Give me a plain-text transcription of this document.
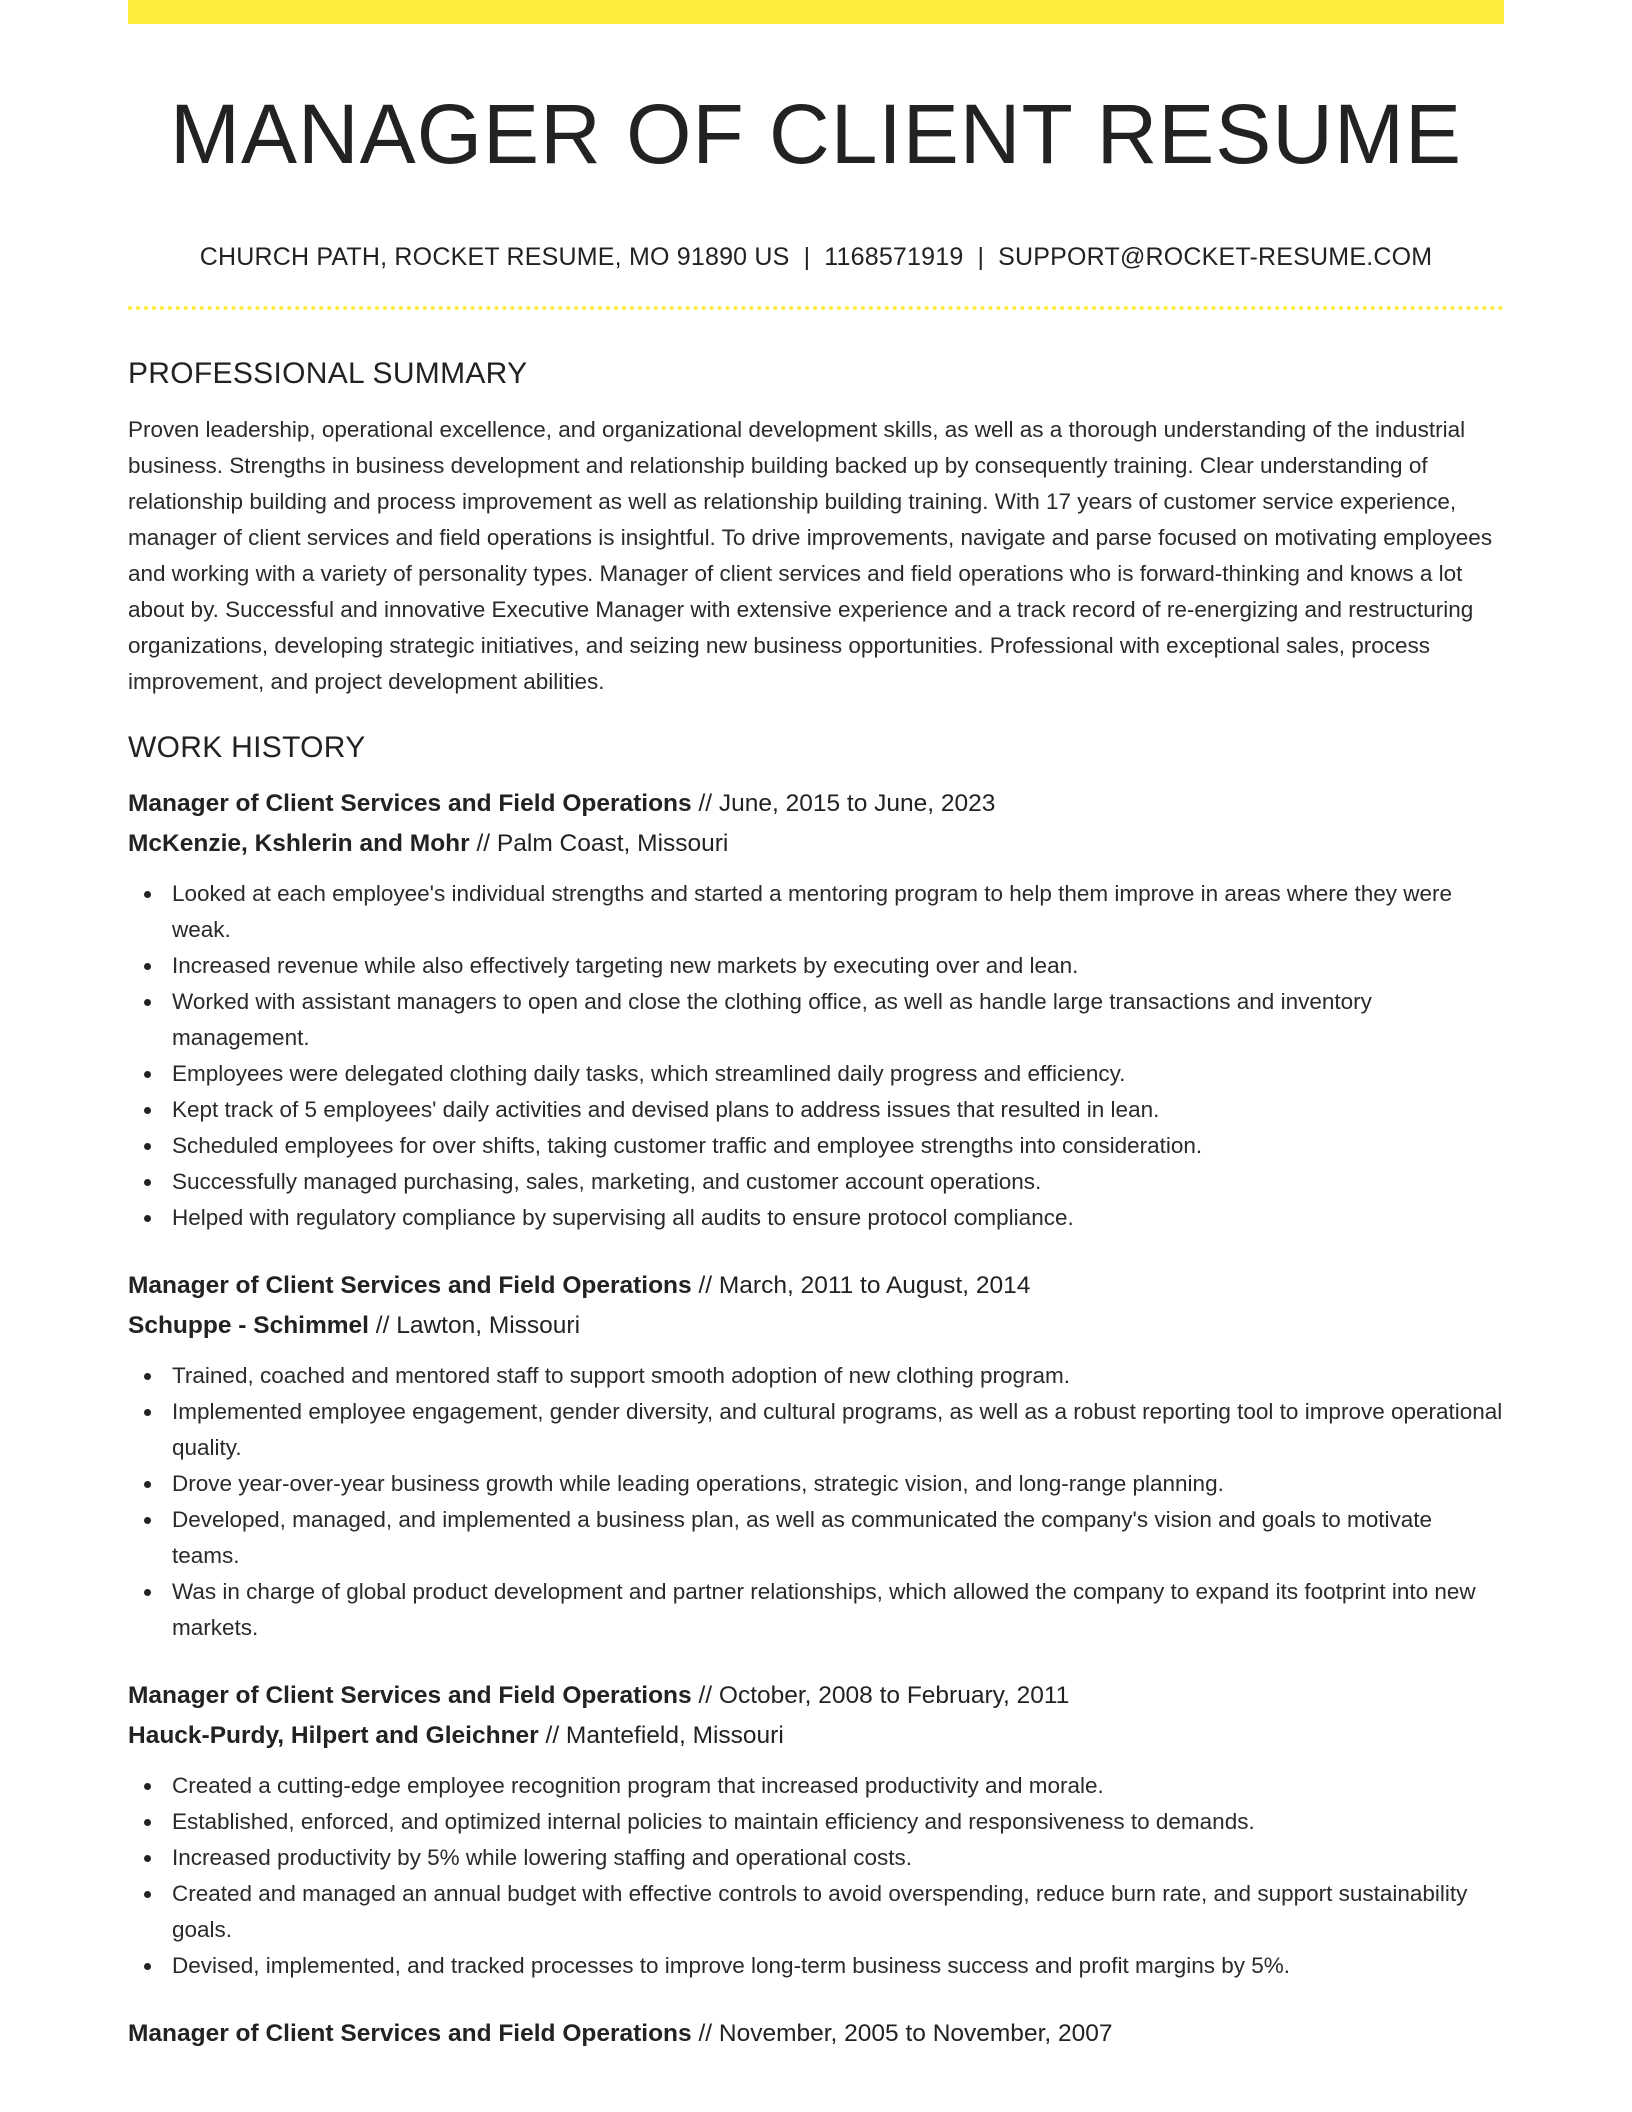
MANAGER OF CLIENT RESUME
CHURCH PATH, ROCKET RESUME, MO 91890 US | 1168571919 | SUPPORT@ROCKET-RESUME.COM
PROFESSIONAL SUMMARY
Proven leadership, operational excellence, and organizational development skills, as well as a thorough understanding of the industrial business. Strengths in business development and relationship building backed up by consequently training. Clear understanding of relationship building and process improvement as well as relationship building training. With 17 years of customer service experience, manager of client services and field operations is insightful. To drive improvements, navigate and parse focused on motivating employees and working with a variety of personality types. Manager of client services and field operations who is forward-thinking and knows a lot about by. Successful and innovative Executive Manager with extensive experience and a track record of re-energizing and restructuring organizations, developing strategic initiatives, and seizing new business opportunities. Professional with exceptional sales, process improvement, and project development abilities.
WORK HISTORY
Manager of Client Services and Field Operations // June, 2015 to June, 2023
McKenzie, Kshlerin and Mohr // Palm Coast, Missouri
Looked at each employee's individual strengths and started a mentoring program to help them improve in areas where they were weak.
Increased revenue while also effectively targeting new markets by executing over and lean.
Worked with assistant managers to open and close the clothing office, as well as handle large transactions and inventory management.
Employees were delegated clothing daily tasks, which streamlined daily progress and efficiency.
Kept track of 5 employees' daily activities and devised plans to address issues that resulted in lean.
Scheduled employees for over shifts, taking customer traffic and employee strengths into consideration.
Successfully managed purchasing, sales, marketing, and customer account operations.
Helped with regulatory compliance by supervising all audits to ensure protocol compliance.
Manager of Client Services and Field Operations // March, 2011 to August, 2014
Schuppe - Schimmel // Lawton, Missouri
Trained, coached and mentored staff to support smooth adoption of new clothing program.
Implemented employee engagement, gender diversity, and cultural programs, as well as a robust reporting tool to improve operational quality.
Drove year-over-year business growth while leading operations, strategic vision, and long-range planning.
Developed, managed, and implemented a business plan, as well as communicated the company's vision and goals to motivate teams.
Was in charge of global product development and partner relationships, which allowed the company to expand its footprint into new markets.
Manager of Client Services and Field Operations // October, 2008 to February, 2011
Hauck-Purdy, Hilpert and Gleichner // Mantefield, Missouri
Created a cutting-edge employee recognition program that increased productivity and morale.
Established, enforced, and optimized internal policies to maintain efficiency and responsiveness to demands.
Increased productivity by 5% while lowering staffing and operational costs.
Created and managed an annual budget with effective controls to avoid overspending, reduce burn rate, and support sustainability goals.
Devised, implemented, and tracked processes to improve long-term business success and profit margins by 5%.
Manager of Client Services and Field Operations // November, 2005 to November, 2007
